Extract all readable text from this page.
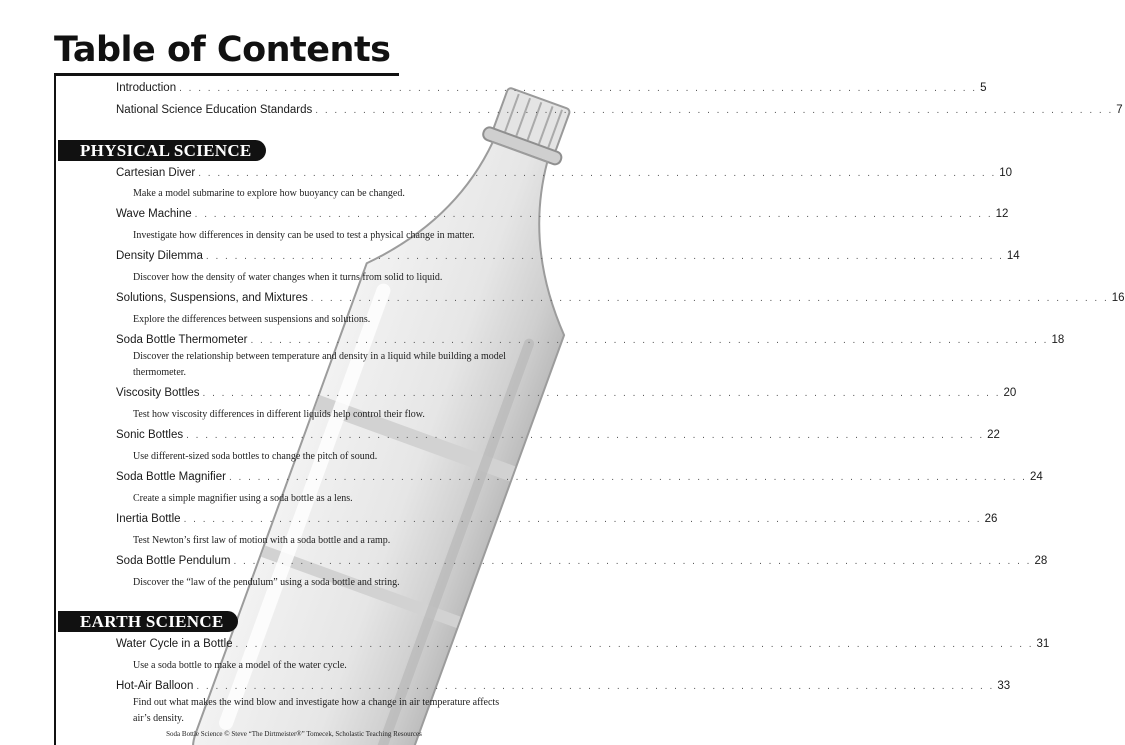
Table of Contents
Introduction . . . . . . . . . . . . . . . . . . . . . . . . . . . . . . . . . . . . . . . . . . . . . . . . . . . . . . . . . . . . . . . . . . . . . . . . . . . . . . . . . . . . 5
National Science Education Standards . . . . . . . . . . . . . . . . . . . . . . . . . . . . . . . . . . . . . . . . . . . . . . . . . . . . . . . . . . . . . . . . . . . . . . . . . . . . . . . . . . . . 7
PHYSICAL SCIENCE
Cartesian Diver . . . . . . . . . . . . . . . . . . . . . . . . . . . . . . . . . . . . . . . . . . . . . . . . . . . . . . . . . . . . . . . . . . . . . . . . . . . . . . . . . . . . 10
Make a model submarine to explore how buoyancy can be changed.
Wave Machine . . . . . . . . . . . . . . . . . . . . . . . . . . . . . . . . . . . . . . . . . . . . . . . . . . . . . . . . . . . . . . . . . . . . . . . . . . . . . . . . . . . . 12
Investigate how differences in density can be used to test a physical change in matter.
Density Dilemma . . . . . . . . . . . . . . . . . . . . . . . . . . . . . . . . . . . . . . . . . . . . . . . . . . . . . . . . . . . . . . . . . . . . . . . . . . . . . . . . . . . . 14
Discover how the density of water changes when it turns from solid to liquid.
Solutions, Suspensions, and Mixtures . . . . . . . . . . . . . . . . . . . . . . . . . . . . . . . . . . . . . . . . . . . . . . . . . . . . . . . . . . . . . . . . . . . . . . . . . . . . . . . . . . . . 16
Explore the differences between suspensions and solutions.
Soda Bottle Thermometer . . . . . . . . . . . . . . . . . . . . . . . . . . . . . . . . . . . . . . . . . . . . . . . . . . . . . . . . . . . . . . . . . . . . . . . . . . . . . . . . . . . . 18
Discover the relationship between temperature and density in a liquid while building a model thermometer.
Viscosity Bottles . . . . . . . . . . . . . . . . . . . . . . . . . . . . . . . . . . . . . . . . . . . . . . . . . . . . . . . . . . . . . . . . . . . . . . . . . . . . . . . . . . . . 20
Test how viscosity differences in different liquids help control their flow.
Sonic Bottles . . . . . . . . . . . . . . . . . . . . . . . . . . . . . . . . . . . . . . . . . . . . . . . . . . . . . . . . . . . . . . . . . . . . . . . . . . . . . . . . . . . . 22
Use different-sized soda bottles to change the pitch of sound.
Soda Bottle Magnifier . . . . . . . . . . . . . . . . . . . . . . . . . . . . . . . . . . . . . . . . . . . . . . . . . . . . . . . . . . . . . . . . . . . . . . . . . . . . . . . . . . . . 24
Create a simple magnifier using a soda bottle as a lens.
Inertia Bottle . . . . . . . . . . . . . . . . . . . . . . . . . . . . . . . . . . . . . . . . . . . . . . . . . . . . . . . . . . . . . . . . . . . . . . . . . . . . . . . . . . . . 26
Test Newton’s first law of motion with a soda bottle and a ramp.
Soda Bottle Pendulum . . . . . . . . . . . . . . . . . . . . . . . . . . . . . . . . . . . . . . . . . . . . . . . . . . . . . . . . . . . . . . . . . . . . . . . . . . . . . . . . . . . . 28
Discover the “law of the pendulum” using a soda bottle and string.
EARTH SCIENCE
Water Cycle in a Bottle . . . . . . . . . . . . . . . . . . . . . . . . . . . . . . . . . . . . . . . . . . . . . . . . . . . . . . . . . . . . . . . . . . . . . . . . . . . . . . . . . . . . 31
Use a soda bottle to make a model of the water cycle.
Hot-Air Balloon . . . . . . . . . . . . . . . . . . . . . . . . . . . . . . . . . . . . . . . . . . . . . . . . . . . . . . . . . . . . . . . . . . . . . . . . . . . . . . . . . . . . 33
Find out what makes the wind blow and investigate how a change in air temperature affects air’s density.
Soda Bottle Science © Steve “The Dirtmeister®” Tomecek, Scholastic Teaching Resources
